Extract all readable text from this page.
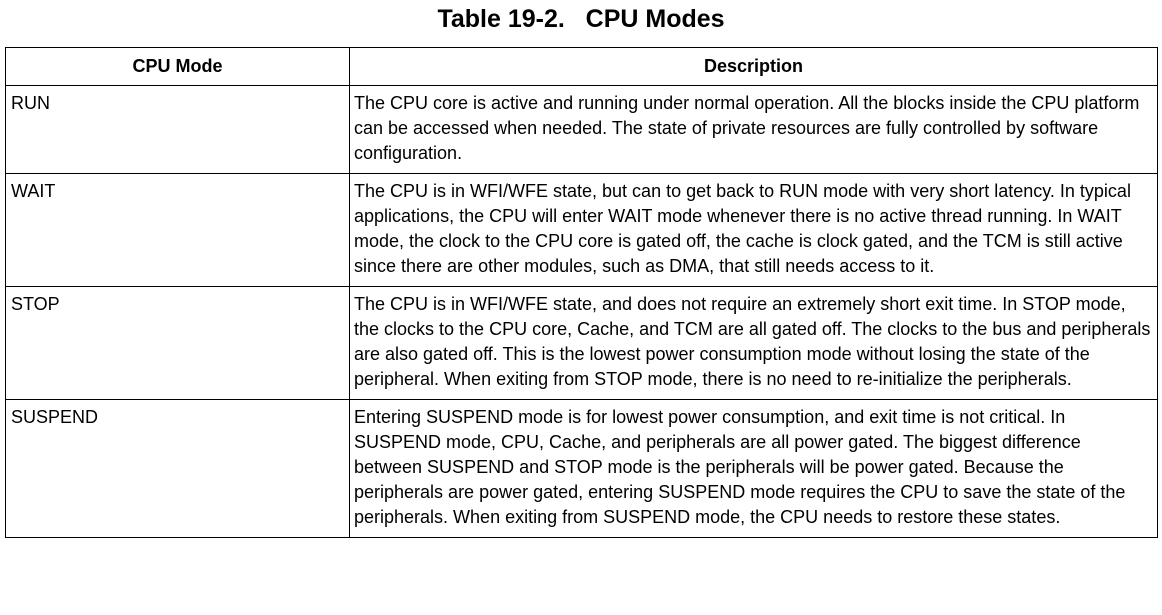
Table 19-2.   CPU Modes
CPU Mode	Description
RUN	The CPU core is active and running under normal operation. All the blocks inside the CPU platform can be accessed when needed. The state of private resources are fully controlled by software configuration.
WAIT	The CPU is in WFI/WFE state, but can to get back to RUN mode with very short latency. In typical applications, the CPU will enter WAIT mode whenever there is no active thread running. In WAIT mode, the clock to the CPU core is gated off, the cache is clock gated, and the TCM is still active since there are other modules, such as DMA, that still needs access to it.
STOP	The CPU is in WFI/WFE state, and does not require an extremely short exit time. In STOP mode, the clocks to the CPU core, Cache, and TCM are all gated off. The clocks to the bus and peripherals are also gated off. This is the lowest power consumption mode without losing the state of the peripheral. When exiting from STOP mode, there is no need to re-initialize the peripherals.
SUSPEND	Entering SUSPEND mode is for lowest power consumption, and exit time is not critical. In SUSPEND mode, CPU, Cache, and peripherals are all power gated. The biggest difference between SUSPEND and STOP mode is the peripherals will be power gated. Because the peripherals are power gated, entering SUSPEND mode requires the CPU to save the state of the peripherals. When exiting from SUSPEND mode, the CPU needs to restore these states.
